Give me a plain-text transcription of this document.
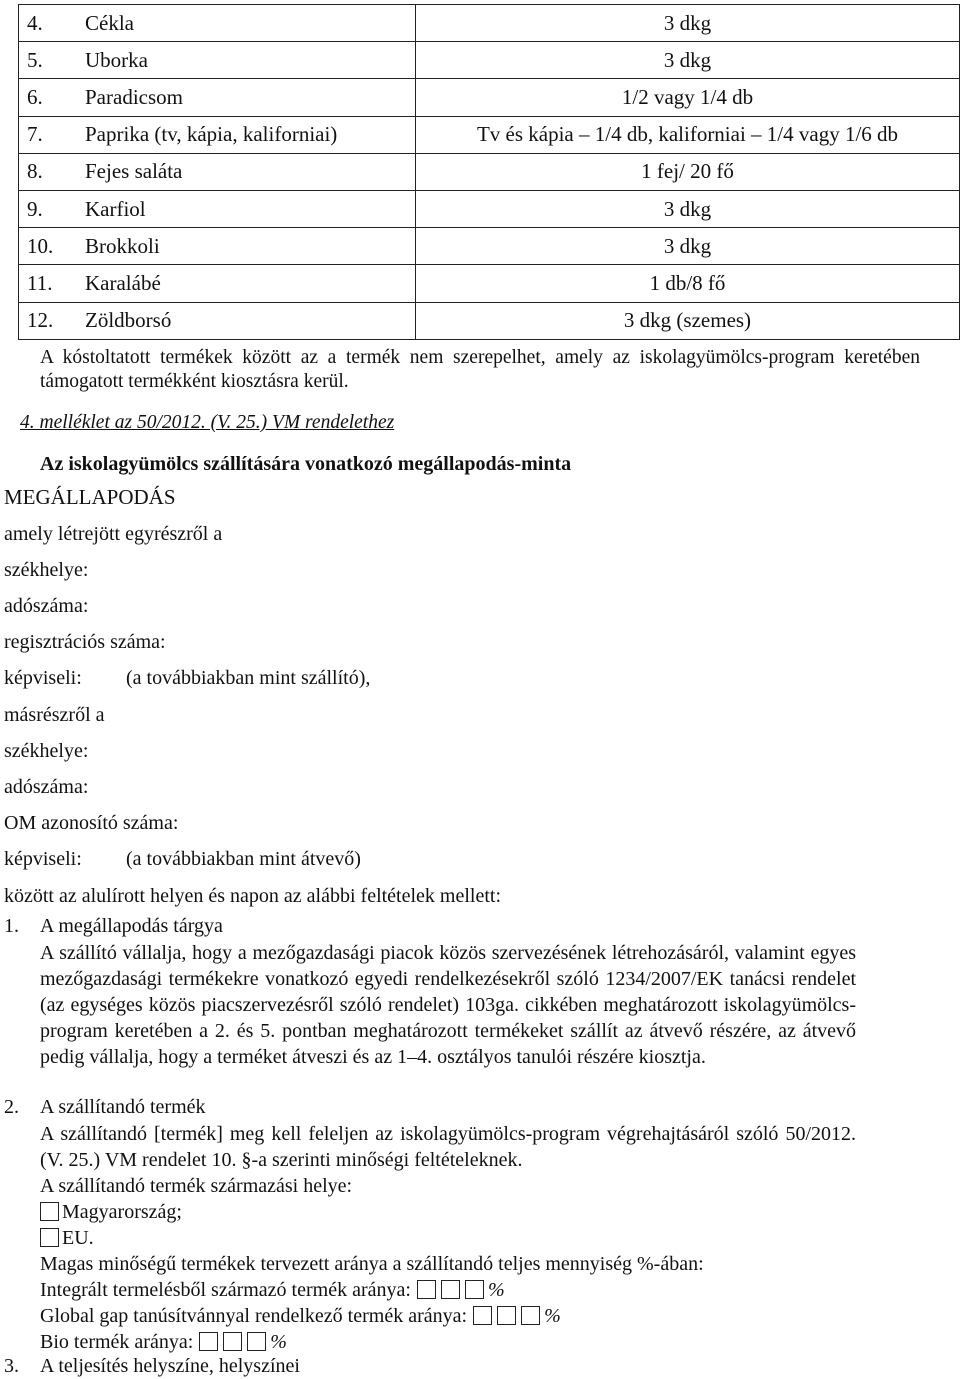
4.	Cékla	3 dkg
5.	Uborka	3 dkg
6.	Paradicsom	1/2 vagy 1/4 db
7.	Paprika (tv, kápia, kaliforniai)	Tv és kápia – 1/4 db, kaliforniai – 1/4 vagy 1/6 db
8.	Fejes saláta	1 fej/ 20 fő
9.	Karfiol	3 dkg
10.	Brokkoli	3 dkg
11.	Karalábé	1 db/8 fő
12.	Zöldborsó	3 dkg (szemes)
A kóstoltatott termékek között az a termék nem szerepelhet, amely az iskolagyümölcs-program keretében támogatott termékként kiosztásra kerül.
4. melléklet az 50/2012. (V. 25.) VM rendelethez
Az iskolagyümölcs szállítására vonatkozó megállapodás-minta
MEGÁLLAPODÁS
amely létrejött egyrészről a
székhelye:
adószáma:
regisztrációs száma:
képviseli: (a továbbiakban mint szállító),
másrészről a
székhelye:
adószáma:
OM azonosító száma:
képviseli: (a továbbiakban mint átvevő)
között az alulírott helyen és napon az alábbi feltételek mellett:
1. A megállapodás tárgya
A szállító vállalja, hogy a mezőgazdasági piacok közös szervezésének létrehozásáról, valamint egyes mezőgazdasági termékekre vonatkozó egyedi rendelkezésekről szóló 1234/2007/EK tanácsi rendelet (az egységes közös piacszervezésről szóló rendelet) 103ga. cikkében meghatározott iskolagyümölcs-program keretében a 2. és 5. pontban meghatározott termékeket szállít az átvevő részére, az átvevő pedig vállalja, hogy a terméket átveszi és az 1–4. osztályos tanulói részére kiosztja.
2. A szállítandó termék
A szállítandó [termék] meg kell feleljen az iskolagyümölcs-program végrehajtásáról szóló 50/2012. (V. 25.) VM rendelet 10. §-a szerinti minőségi feltételeknek.
A szállítandó termék származási helye:
Magyarország;
EU.
Magas minőségű termékek tervezett aránya a szállítandó teljes mennyiség %-ában:
Integrált termelésből származó termék aránya:	%
Global gap tanúsítvánnyal rendelkező termék aránya:	%
Bio termék aránya:	%
3. A teljesítés helyszíne, helyszínei
